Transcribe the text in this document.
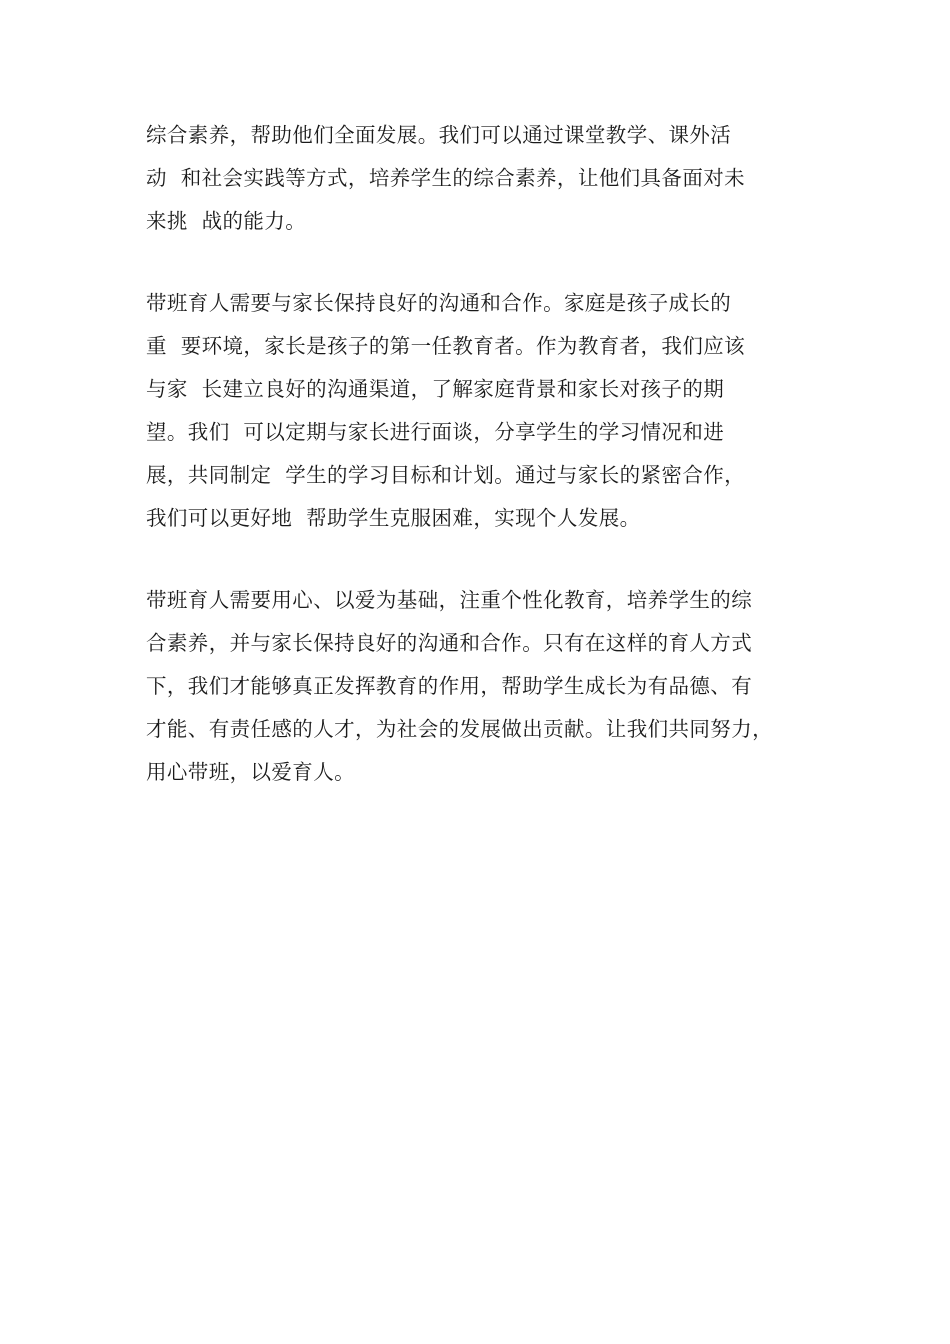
综合素养，帮助他们全面发展。我们可以通过课堂教学、课外活
动  和社会实践等方式，培养学生的综合素养，让他们具备面对未
来挑  战的能力。
带班育人需要与家长保持良好的沟通和合作。家庭是孩子成长的
重  要环境，家长是孩子的第一任教育者。作为教育者，我们应该
与家  长建立良好的沟通渠道，了解家庭背景和家长对孩子的期
望。我们  可以定期与家长进行面谈，分享学生的学习情况和进
展，共同制定  学生的学习目标和计划。通过与家长的紧密合作，
我们可以更好地  帮助学生克服困难，实现个人发展。
带班育人需要用心、以爱为基础，注重个性化教育，培养学生的综
合素养，并与家长保持良好的沟通和合作。只有在这样的育人方式
下，我们才能够真正发挥教育的作用，帮助学生成长为有品德、有
才能、有责任感的人才，为社会的发展做出贡献。让我们共同努力，
用心带班，以爱育人。
